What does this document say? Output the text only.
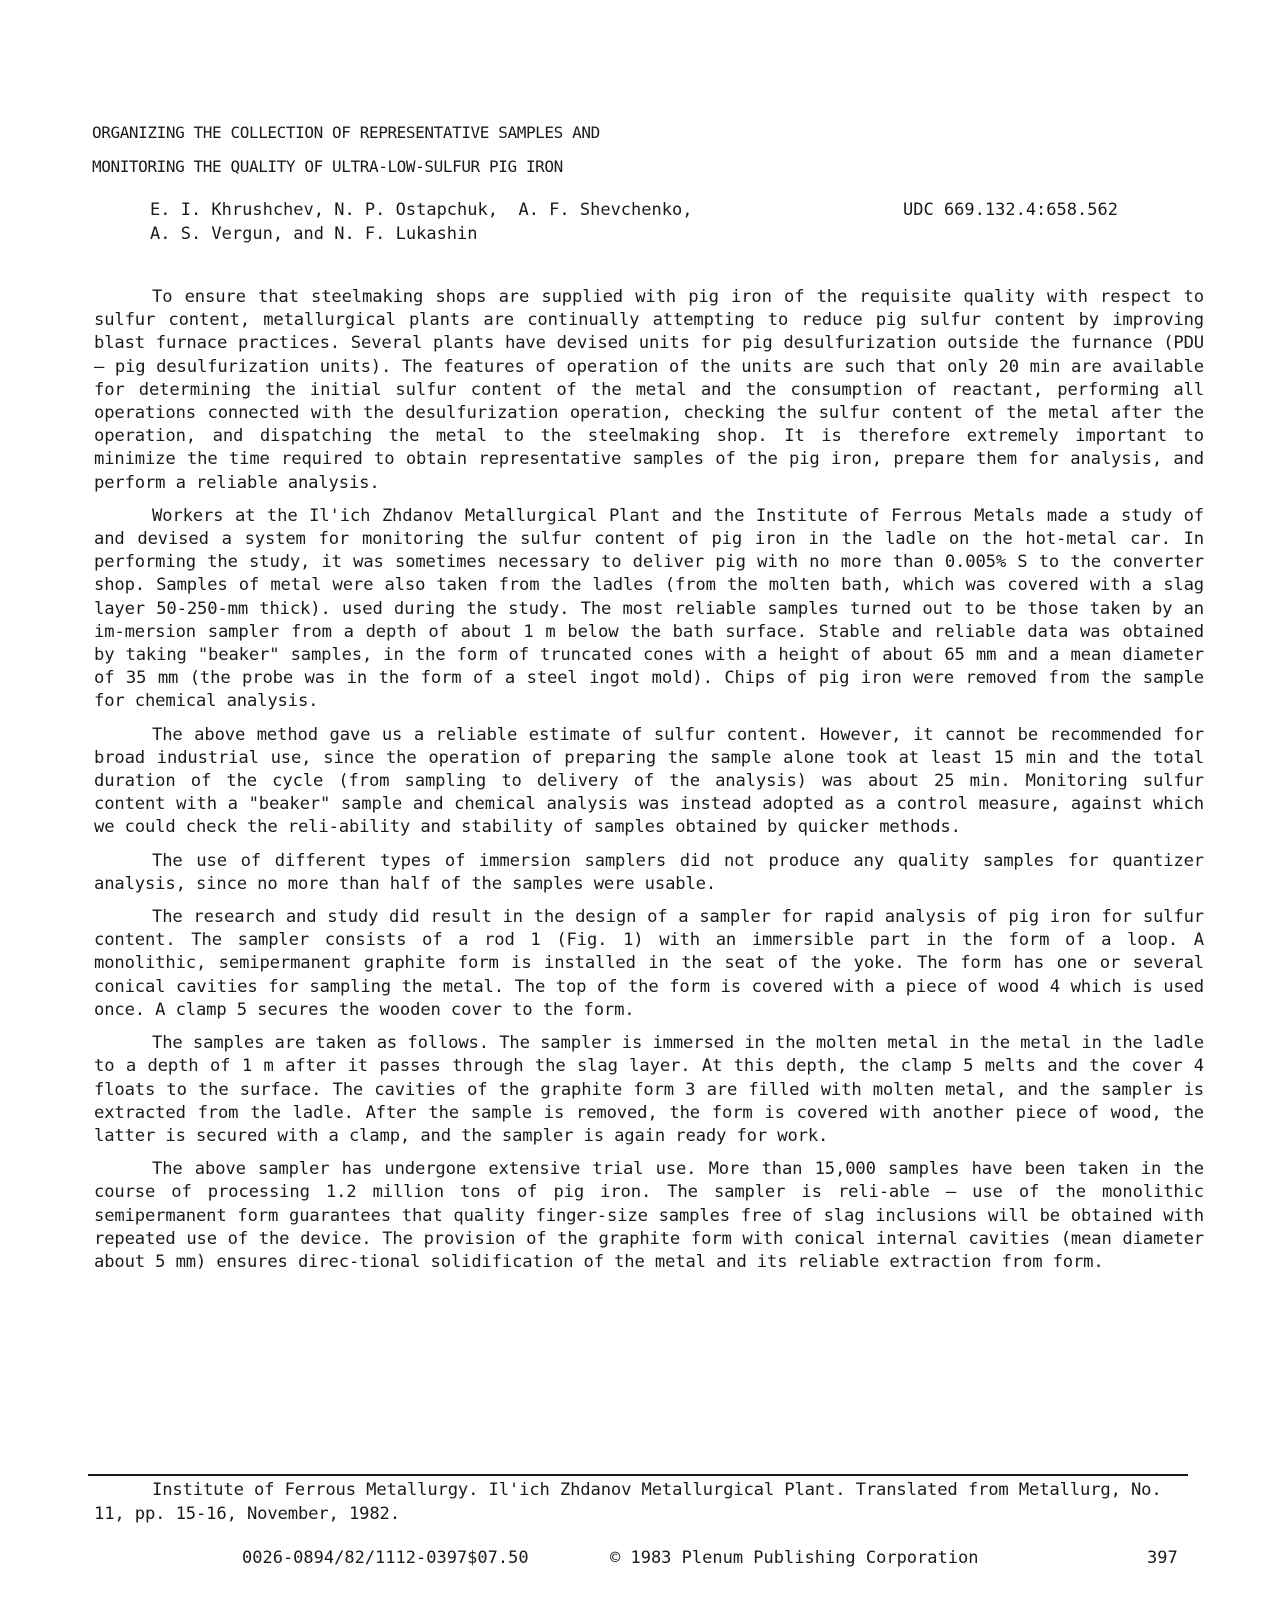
ORGANIZING THE COLLECTION OF REPRESENTATIVE SAMPLES AND
MONITORING THE QUALITY OF ULTRA-LOW-SULFUR PIG IRON
E. I. Khrushchev, N. P. Ostapchuk,  A. F. Shevchenko,
A. S. Vergun, and N. F. Lukashin
UDC 669.132.4:658.562

To ensure that steelmaking shops are supplied with pig iron of the requisite quality with respect to sulfur content, metallurgical plants are continually attempting to reduce pig sulfur content by improving blast furnace practices. Several plants have devised units for pig desulfurization outside the furnance (PDU — pig desulfurization units). The features of operation of the units are such that only 20 min are available for determining the initial sulfur content of the metal and the consumption of reactant, performing all operations connected with the desulfurization operation, checking the sulfur content of the metal after the operation, and dispatching the metal to the steelmaking shop. It is therefore extremely important to minimize the time required to obtain representative samples of the pig iron, prepare them for analysis, and perform a reliable analysis.

Workers at the Il'ich Zhdanov Metallurgical Plant and the Institute of Ferrous Metals made a study of and devised a system for monitoring the sulfur content of pig iron in the ladle on the hot-metal car. In performing the study, it was sometimes necessary to deliver pig with no more than 0.005% S to the converter shop. Samples of metal were also taken from the ladles (from the molten bath, which was covered with a slag layer 50-250-mm thick). used during the study. The most reliable samples turned out to be those taken by an im-mersion sampler from a depth of about 1 m below the bath surface. Stable and reliable data was obtained by taking "beaker" samples, in the form of truncated cones with a height of about 65 mm and a mean diameter of 35 mm (the probe was in the form of a steel ingot mold). Chips of pig iron were removed from the sample for chemical analysis.

The above method gave us a reliable estimate of sulfur content. However, it cannot be recommended for broad industrial use, since the operation of preparing the sample alone took at least 15 min and the total duration of the cycle (from sampling to delivery of the analysis) was about 25 min. Monitoring sulfur content with a "beaker" sample and chemical analysis was instead adopted as a control measure, against which we could check the reli-ability and stability of samples obtained by quicker methods.

The use of different types of immersion samplers did not produce any quality samples for quantizer analysis, since no more than half of the samples were usable.

The research and study did result in the design of a sampler for rapid analysis of pig iron for sulfur content. The sampler consists of a rod 1 (Fig. 1) with an immersible part in the form of a loop. A monolithic, semipermanent graphite form is installed in the seat of the yoke. The form has one or several conical cavities for sampling the metal. The top of the form is covered with a piece of wood 4 which is used once. A clamp 5 secures the wooden cover to the form.

The samples are taken as follows. The sampler is immersed in the molten metal in the metal in the ladle to a depth of 1 m after it passes through the slag layer. At this depth, the clamp 5 melts and the cover 4 floats to the surface. The cavities of the graphite form 3 are filled with molten metal, and the sampler is extracted from the ladle. After the sample is removed, the form is covered with another piece of wood, the latter is secured with a clamp, and the sampler is again ready for work.

The above sampler has undergone extensive trial use. More than 15,000 samples have been taken in the course of processing 1.2 million tons of pig iron. The sampler is reli-able — use of the monolithic semipermanent form guarantees that quality finger-size samples free of slag inclusions will be obtained with repeated use of the device. The provision of the graphite form with conical internal cavities (mean diameter about 5 mm) ensures direc-tional solidification of the metal and its reliable extraction from form.

Institute of Ferrous Metallurgy. Il'ich Zhdanov Metallurgical Plant. Translated from Metallurg, No. 11, pp. 15-16, November, 1982.
0026-0894/82/1112-0397$07.50	© 1983 Plenum Publishing Corporation	397
